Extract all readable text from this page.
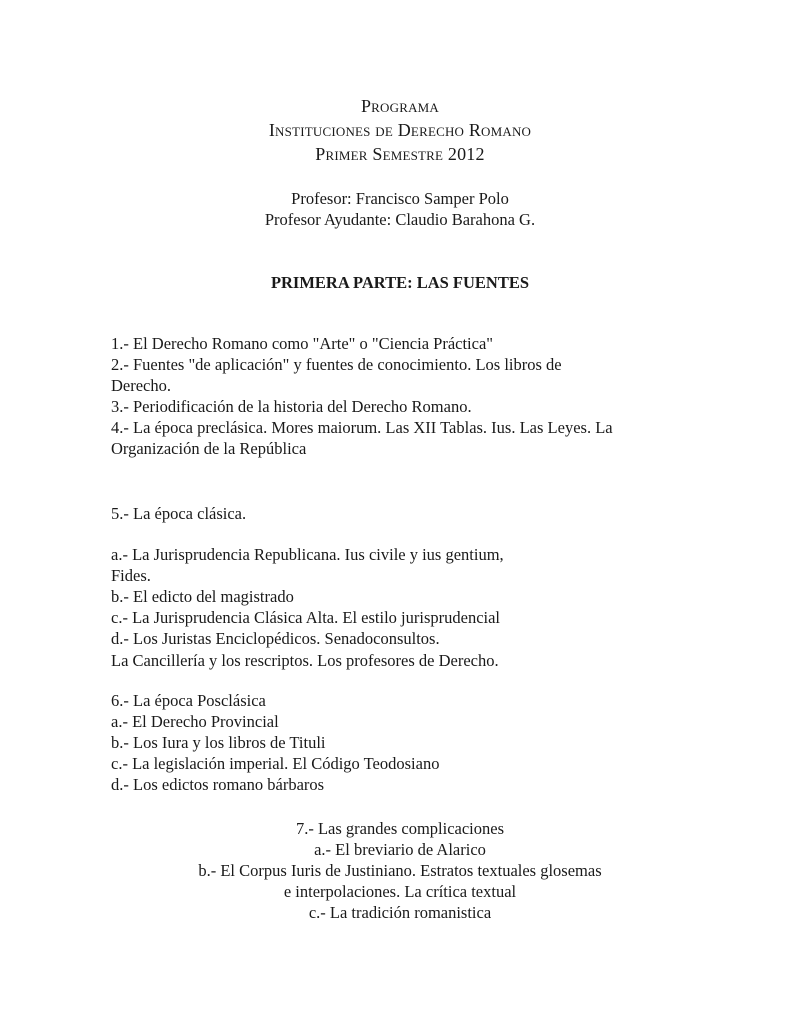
Programa
Instituciones de Derecho Romano
Primer Semestre 2012
Profesor: Francisco Samper Polo
Profesor Ayudante: Claudio Barahona G.
PRIMERA PARTE: LAS FUENTES
1.- El Derecho Romano como "Arte" o "Ciencia Práctica"
2.- Fuentes "de aplicación" y fuentes de conocimiento. Los libros de
Derecho.
3.- Periodificación de la historia del Derecho Romano.
4.- La época preclásica. Mores maiorum. Las XII Tablas. Ius. Las Leyes. La
Organización de la República
5.- La época clásica.
a.- La Jurisprudencia Republicana. Ius civile y ius gentium,
Fides.
b.- El edicto del magistrado
c.- La Jurisprudencia Clásica Alta. El estilo jurisprudencial
d.- Los Juristas Enciclopédicos. Senadoconsultos.
La Cancillería y los rescriptos. Los profesores de Derecho.
6.- La época Posclásica
a.- El Derecho Provincial
b.- Los Iura y los libros de Tituli
c.- La legislación imperial. El Código Teodosiano
d.- Los edictos romano bárbaros
7.- Las grandes complicaciones
a.- El breviario de Alarico
b.- El Corpus Iuris de Justiniano. Estratos textuales glosemas
e interpolaciones. La crítica textual
c.- La tradición romanistica
